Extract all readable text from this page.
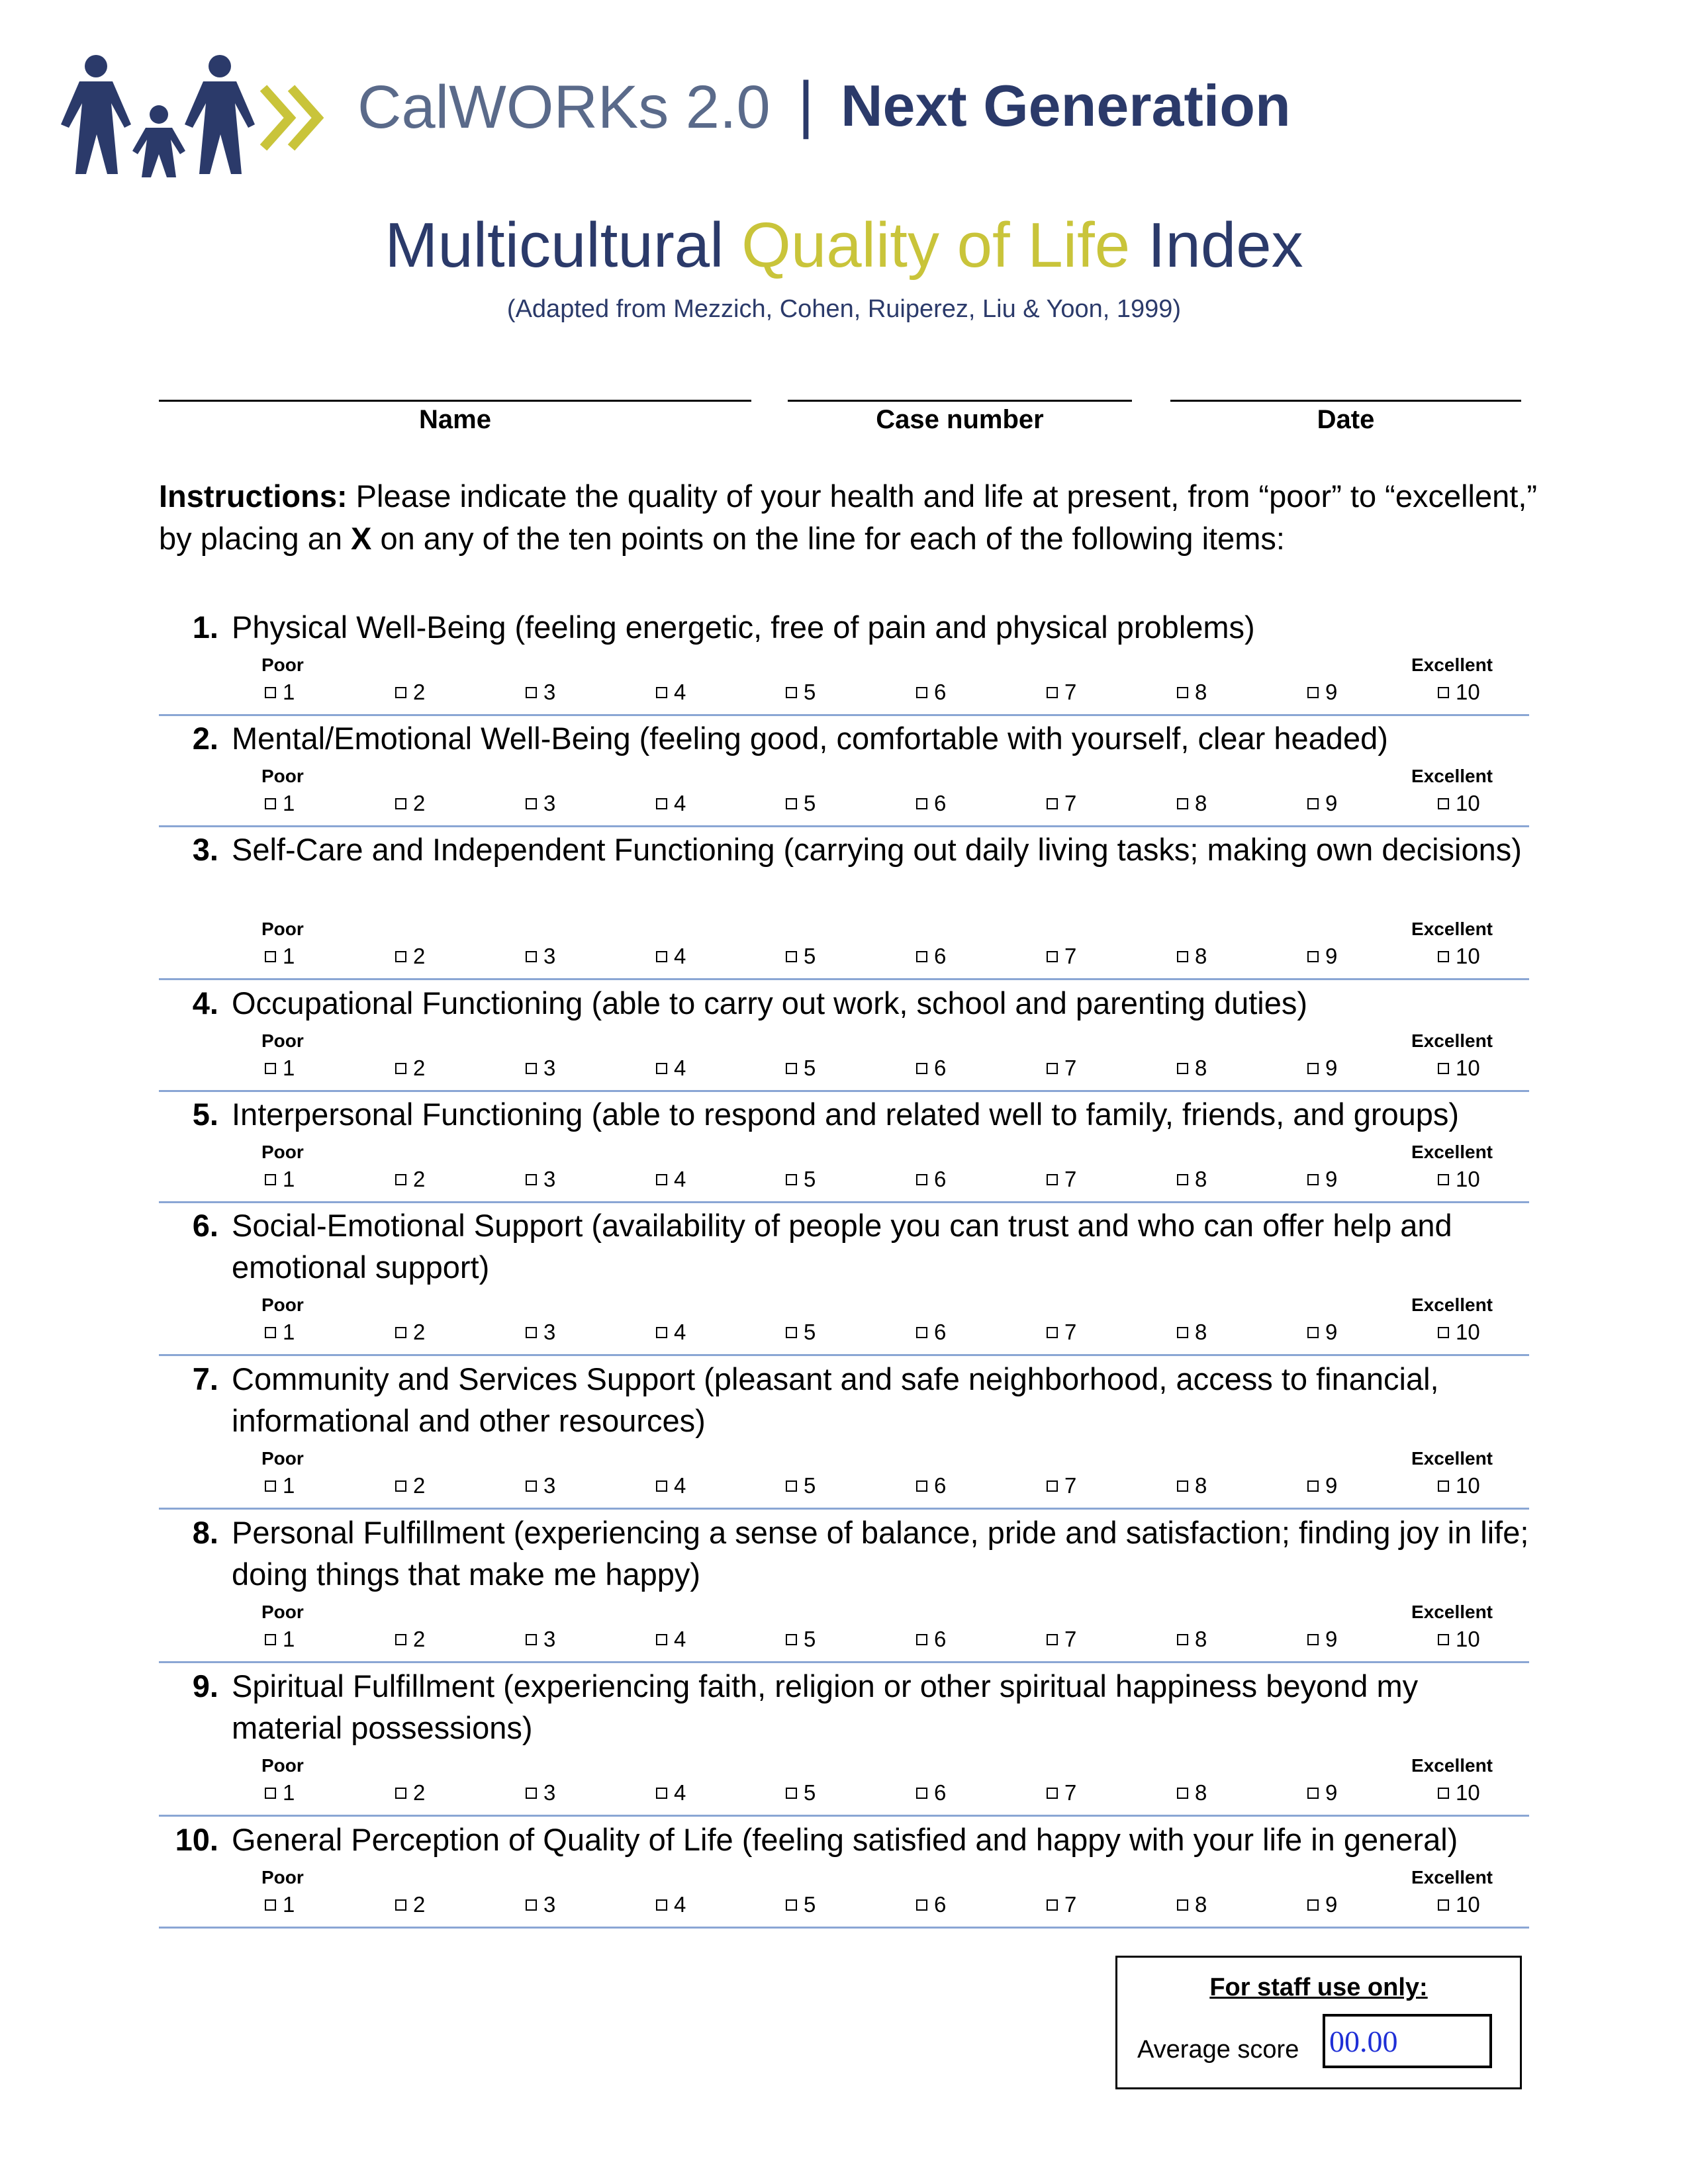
CalWORKs 2.0 | Next Generation
Multicultural Quality of Life Index
(Adapted from Mezzich, Cohen, Ruiperez, Liu & Yoon, 1999)
Name	Case number	Date
Instructions: Please indicate the quality of your health and life at present, from “poor” to “excellent,” by placing an X on any of the ten points on the line for each of the following items:
1. Physical Well-Being (feeling energetic, free of pain and physical problems)
Poor	Excellent
1	2	3	4	5	6	7	8	9	10
2. Mental/Emotional Well-Being (feeling good, comfortable with yourself, clear headed)
Poor	Excellent
1	2	3	4	5	6	7	8	9	10
3. Self-Care and Independent Functioning (carrying out daily living tasks; making own decisions)
Poor	Excellent
1	2	3	4	5	6	7	8	9	10
4. Occupational Functioning (able to carry out work, school and parenting duties)
Poor	Excellent
1	2	3	4	5	6	7	8	9	10
5. Interpersonal Functioning (able to respond and related well to family, friends, and groups)
Poor	Excellent
1	2	3	4	5	6	7	8	9	10
6. Social-Emotional Support (availability of people you can trust and who can offer help and emotional support)
Poor	Excellent
1	2	3	4	5	6	7	8	9	10
7. Community and Services Support (pleasant and safe neighborhood, access to financial, informational and other resources)
Poor	Excellent
1	2	3	4	5	6	7	8	9	10
8. Personal Fulfillment (experiencing a sense of balance, pride and satisfaction; finding joy in life; doing things that make me happy)
Poor	Excellent
1	2	3	4	5	6	7	8	9	10
9. Spiritual Fulfillment (experiencing faith, religion or other spiritual happiness beyond my material possessions)
Poor	Excellent
1	2	3	4	5	6	7	8	9	10
10. General Perception of Quality of Life (feeling satisfied and happy with your life in general)
Poor	Excellent
1	2	3	4	5	6	7	8	9	10
For staff use only:
Average score 00.00
